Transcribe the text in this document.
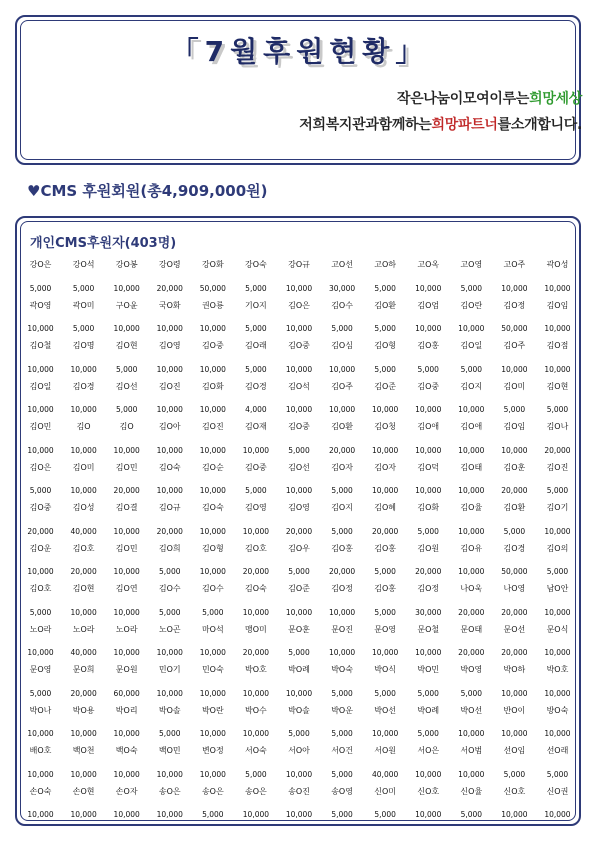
「7월후원현황」
작은나눔이모여이루는희망세상
저희복지관과함께하는희망파트너를소개합니다.
♥CMS 후원회원(총4,909,000원)
개인CMS후원자(403명)
강O은
5,000
강O석
5,000
강O봉
10,000
강O령
20,000
강O화
50,000
강O숙
5,000
강O규
10,000
고O선
30,000
고O하
5,000
고O옥
10,000
고O영
5,000
고O주
10,000
곽O성
10,000
곽O영
10,000
곽O미
5,000
구O윤
10,000
국O화
10,000
권O룡
10,000
기O지
5,000
김O은
10,000
김O수
5,000
김O환
5,000
김O엄
10,000
김O란
10,000
김O정
50,000
김O임
10,000
김O철
10,000
김O명
10,000
김O현
5,000
김O영
10,000
김O중
10,000
김O래
5,000
김O중
10,000
김O심
10,000
김O형
5,000
김O홍
5,000
김O일
5,000
김O주
10,000
김O점
10,000
김O일
10,000
김O경
10,000
김O선
5,000
김O진
10,000
김O화
10,000
김O경
4,000
김O석
10,000
김O주
10,000
김O준
10,000
김O중
10,000
김O지
10,000
김O미
5,000
김O현
5,000
김O민
10,000
김O
10,000
김O
10,000
김O아
10,000
김O진
10,000
김O재
10,000
김O중
5,000
김O환
20,000
김O청
10,000
김O애
10,000
김O애
10,000
김O임
10,000
김O나
20,000
김O은
5,000
김O미
10,000
김O민
20,000
김O숙
10,000
김O순
10,000
김O중
5,000
김O선
10,000
김O자
5,000
김O자
10,000
김O덕
10,000
김O태
10,000
김O훈
20,000
김O진
5,000
김O중
20,000
김O성
40,000
김O결
10,000
김O규
20,000
김O숙
10,000
김O영
10,000
김O영
20,000
김O지
5,000
김O혜
20,000
김O화
5,000
김O율
10,000
김O환
5,000
김O기
10,000
김O운
10,000
김O호
20,000
김O민
10,000
김O희
5,000
김O형
10,000
김O호
20,000
김O우
5,000
김O홍
20,000
김O홍
5,000
김O원
20,000
김O유
10,000
김O경
50,000
김O의
5,000
김O호
5,000
김O현
10,000
김O연
10,000
김O수
5,000
김O수
5,000
김O숙
10,000
김O준
10,000
김O정
10,000
김O홍
5,000
김O정
30,000
나O욱
20,000
나O영
20,000
남O안
10,000
노O라
10,000
노O라
40,000
노O라
10,000
노O곤
10,000
마O석
10,000
맹O미
20,000
문O훈
5,000
문O진
10,000
문O영
10,000
문O철
10,000
문O태
20,000
문O선
20,000
문O식
10,000
문O영
5,000
문O희
20,000
문O원
60,000
민O기
10,000
민O숙
10,000
박O호
10,000
박O례
10,000
박O숙
5,000
박O식
5,000
박O민
5,000
박O영
5,000
박O하
10,000
박O호
10,000
박O나
10,000
박O용
10,000
박O리
10,000
박O솔
5,000
박O란
10,000
박O수
10,000
박O솔
5,000
박O운
5,000
박O선
10,000
박O례
5,000
박O선
10,000
반O이
10,000
방O숙
10,000
배O호
10,000
백O천
10,000
백O숙
10,000
백O민
10,000
변O정
10,000
서O숙
5,000
서O아
10,000
서O건
5,000
서O원
40,000
서O은
10,000
서O범
10,000
선O임
5,000
선O래
5,000
손O숙
10,000
손O현
10,000
손O자
10,000
송O은
10,000
송O은
5,000
송O은
10,000
송O진
10,000
송O영
5,000
신O미
5,000
신O호
10,000
신O율
5,000
신O호
10,000
신O권
10,000
